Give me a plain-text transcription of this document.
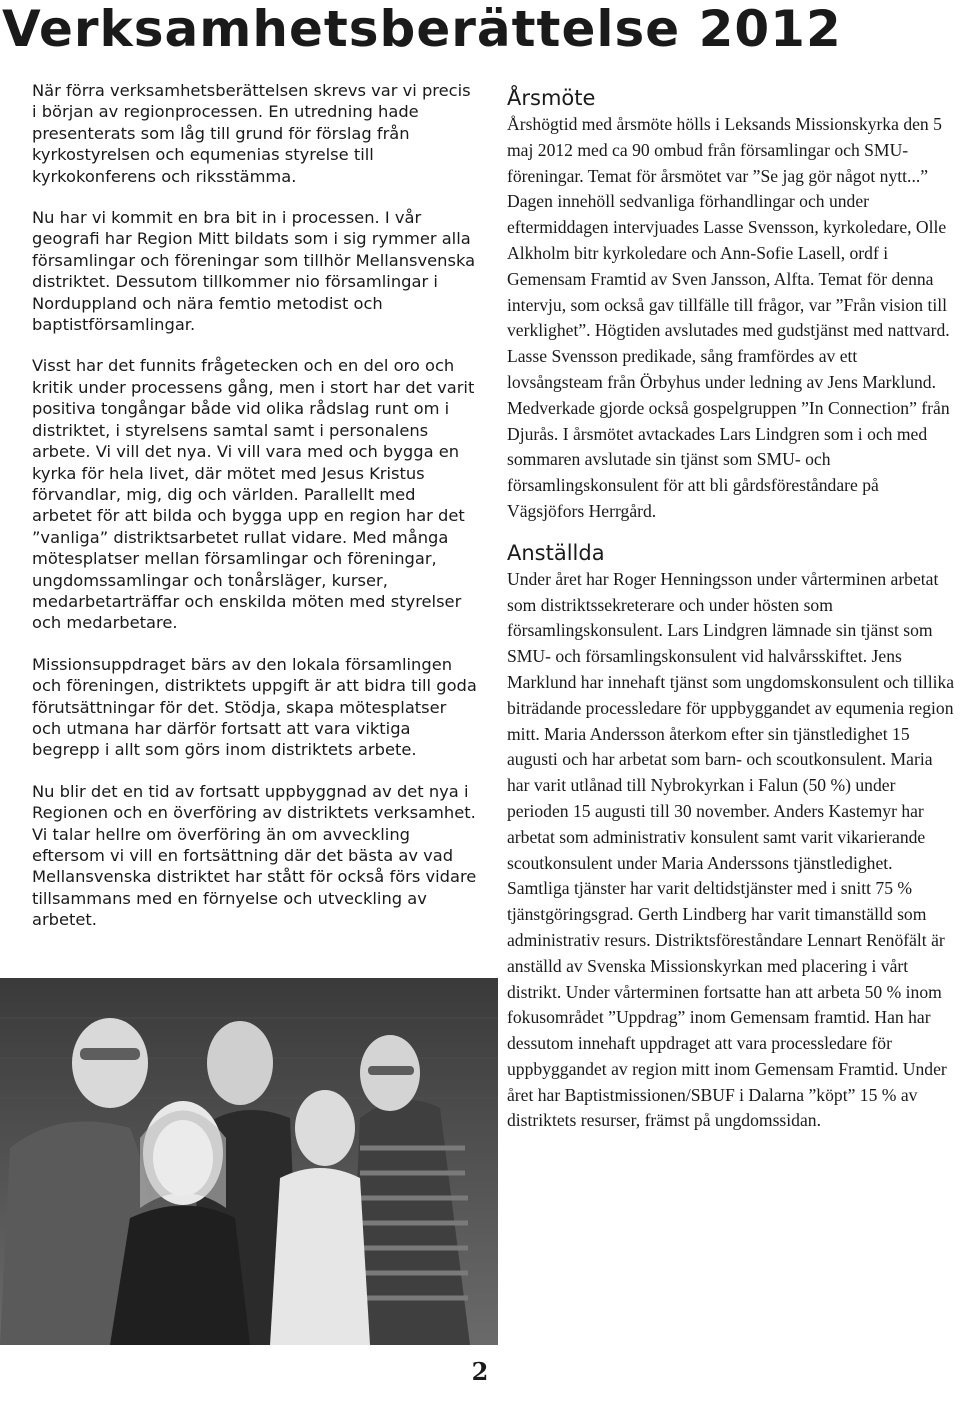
Verksamhetsberättelse 2012

När förra verksamhetsberättelsen skrevs var vi precis i början av regionprocessen. En utredning hade presenterats som låg till grund för förslag från kyrkostyrelsen och equmenias styrelse till kyrkokonferens och riksstämma.

Nu har vi kommit en bra bit in i processen. I vår geografi har Region Mitt bildats som i sig rymmer alla församlingar och föreningar som tillhör Mellansvenska distriktet. Dessutom tillkommer nio församlingar i Norduppland och nära femtio metodist och baptistförsamlingar.

Visst har det funnits frågetecken och en del oro och kritik under processens gång, men i stort har det varit positiva tongångar både vid olika rådslag runt om i distriktet, i styrelsens samtal samt i personalens arbete. Vi vill det nya. Vi vill vara med och bygga en kyrka för hela livet, där mötet med Jesus Kristus förvandlar, mig, dig och världen. Parallellt med arbetet för att bilda och bygga upp en region har det ”vanliga” distriktsarbetet rullat vidare. Med många mötesplatser mellan församlingar och föreningar, ungdomssamlingar och tonårsläger, kurser, medarbetarträffar och enskilda möten med styrelser och medarbetare.

Missionsuppdraget bärs av den lokala församlingen och föreningen, distriktets uppgift är att bidra till goda förutsättningar för det. Stödja, skapa mötesplatser och utmana har därför fortsatt att vara viktiga begrepp i allt som görs inom distriktets arbete.

Nu blir det en tid av fortsatt uppbyggnad av det nya i Regionen och en överföring av distriktets verksamhet. Vi talar hellre om överföring än om avveckling eftersom vi vill en fortsättning där det bästa av vad Mellansvenska distriktet har stått för också förs vidare tillsammans med en förnyelse och utveckling av arbetet.

Årsmöte

Årshögtid med årsmöte hölls i Leksands Missionskyrka den 5 maj 2012 med ca 90 ombud från församlingar och SMU-föreningar. Temat för årsmötet var ”Se jag gör något nytt...” Dagen innehöll sedvanliga förhandlingar och under eftermiddagen intervjuades Lasse Svensson, kyrkoledare, Olle Alkholm bitr kyrkoledare och Ann-Sofie Lasell, ordf i Gemensam Framtid av Sven Jansson, Alfta. Temat för denna intervju, som också gav tillfälle till frågor, var ”Från vision till verklighet”. Högtiden avslutades med gudstjänst med nattvard. Lasse Svensson predikade, sång framfördes av ett lovsångsteam från Örbyhus under ledning av Jens Marklund. Medverkade gjorde också gospelgruppen ”In Connection” från Djurås. I årsmötet avtackades Lars Lindgren som i och med sommaren avslutade sin tjänst som SMU- och församlingskonsulent för att bli gårdsföreståndare på Vägsjöfors Herrgård.

Anställda

Under året har Roger Henningsson under vårterminen arbetat som distriktssekreterare och under hösten som församlingskonsulent. Lars Lindgren lämnade sin tjänst som SMU- och församlingskonsulent vid halvårsskiftet. Jens Marklund har innehaft tjänst som ungdomskonsulent och tillika biträdande processledare för uppbyggandet av equmenia region mitt. Maria Andersson återkom efter sin tjänstledighet 15 augusti och har arbetat som barn- och scoutkonsulent. Maria har varit utlånad till Nybrokyrkan i Falun (50 %) under perioden 15 augusti till 30 november. Anders Kastemyr har arbetat som administrativ konsulent samt varit vikarierande scoutkonsulent under Maria Anderssons tjänstledighet. Samtliga tjänster har varit deltidstjänster med i snitt 75 % tjänstgöringsgrad. Gerth Lindberg har varit timanställd som administrativ resurs. Distriktsföreståndare Lennart Renöfält är anställd av Svenska Missionskyrkan med placering i vårt distrikt. Under vårterminen fortsatte han att arbeta 50 % inom fokusområdet ”Uppdrag” inom Gemensam framtid. Han har dessutom innehaft uppdraget att vara processledare för uppbyggandet av region mitt inom Gemensam Framtid. Under året har Baptistmissionen/SBUF i Dalarna ”köpt” 15 % av distriktets resurser, främst på ungdomssidan.

2
